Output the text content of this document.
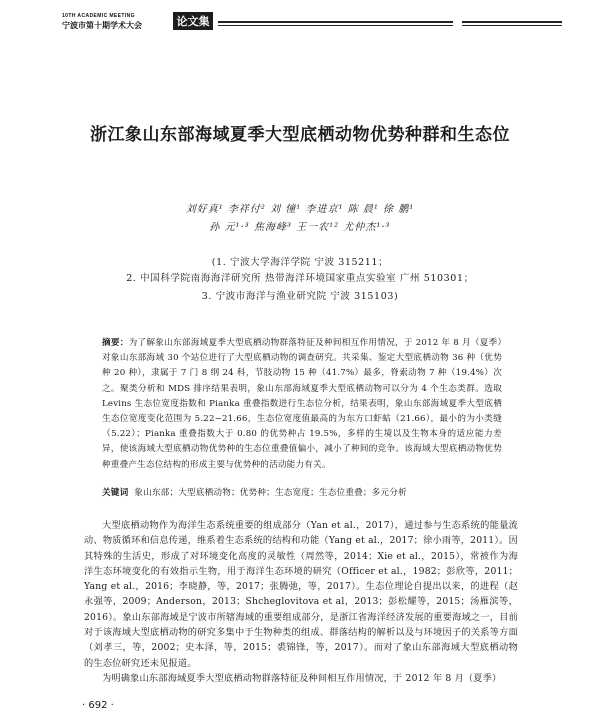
10TH ACADEMIC MEETING
宁波市第十期学术大会	论文集
浙江象山东部海域夏季大型底栖动物优势种群和生态位
刘好真¹ 李祥付² 刘 憧¹ 李进京¹ 陈 晨¹ 徐 鹏¹
孙 元¹·³ 焦海峰³ 王一农¹² 尤仲杰¹·³
(1. 宁波大学海洋学院 宁波 315211；
2. 中国科学院南海海洋研究所 热带海洋环境国家重点实验室 广州 510301；
3. 宁波市海洋与渔业研究院 宁波 315103)
摘要：为了解象山东部海域夏季大型底栖动物群落特征及种间相互作用情况，于 2012 年 8 月（夏季）对象山东部海域 30 个站位进行了大型底栖动物的调查研究。共采集、鉴定大型底栖动物 36 种（优势种 20 种），隶属于 7 门 8 纲 24 科，节肢动物 15 种（41.7%）最多，脊索动物 7 种（19.4%）次之。聚类分析和 MDS 排序结果表明，象山东部海域夏季大型底栖动物可以分为 4 个生态类群。选取 Levins 生态位宽度指数和 Pianka 重叠指数进行生态位分析，结果表明，象山东部海域夏季大型底栖生态位宽度变化范围为 5.22~21.66，生态位宽度值最高的为东方口虾蛄（21.66），最小的为小类缝（5.22）；Pianka 重叠指数大于 0.80 的优势种占 19.5%，多样的生境以及生物本身的适应能力差异，使该海域大型底栖动物优势种的生态位重叠值偏小，减小了种间的竞争。该海域大型底栖动物优势种重叠产生态位结构的形成主要与优势种的活动能力有关。
关键词 象山东部；大型底栖动物；优势种；生态宽度；生态位重叠；多元分析

大型底栖动物作为海洋生态系统重要的组成部分（Yan et al.，2017），通过参与生态系统的能量流动、物质循环和信息传递，维系着生态系统的结构和功能（Yang et al.，2017；徐小雨等，2011）。因其特殊的生活史，形成了对环境变化高度的灵敏性（周然等，2014；Xie et al.，2015），常被作为海洋生态环境变化的有效指示生物，用于海洋生态环境的研究（Officer et al.，1982；彭欣等，2011；Yang et al.，2016；李晓静，等，2017；张腾弛，等，2017）。生态位理论自提出以来，的进程（赵永强等，2009；Anderson，2013；Shcheglovitova et al，2013；彭松耀等，2015；汤雁滨等，2016）。象山东部海域是宁波市所辖海域的重要组成部分，是浙江省海洋经济发展的重要海域之一，目前对于该海域大型底栖动物的研究多集中于生物种类的组成、群落结构的解析以及与环境因子的关系等方面（刘孝三，等，2002；史本泽，等，2015；裘锦锋，等，2017）。而对了象山东部海域大型底栖动物的生态位研究还未见报道。

为明确象山东部海域夏季大型底栖动物群落特征及种间相互作用情况，于 2012 年 8 月（夏季）

· 692 ·
